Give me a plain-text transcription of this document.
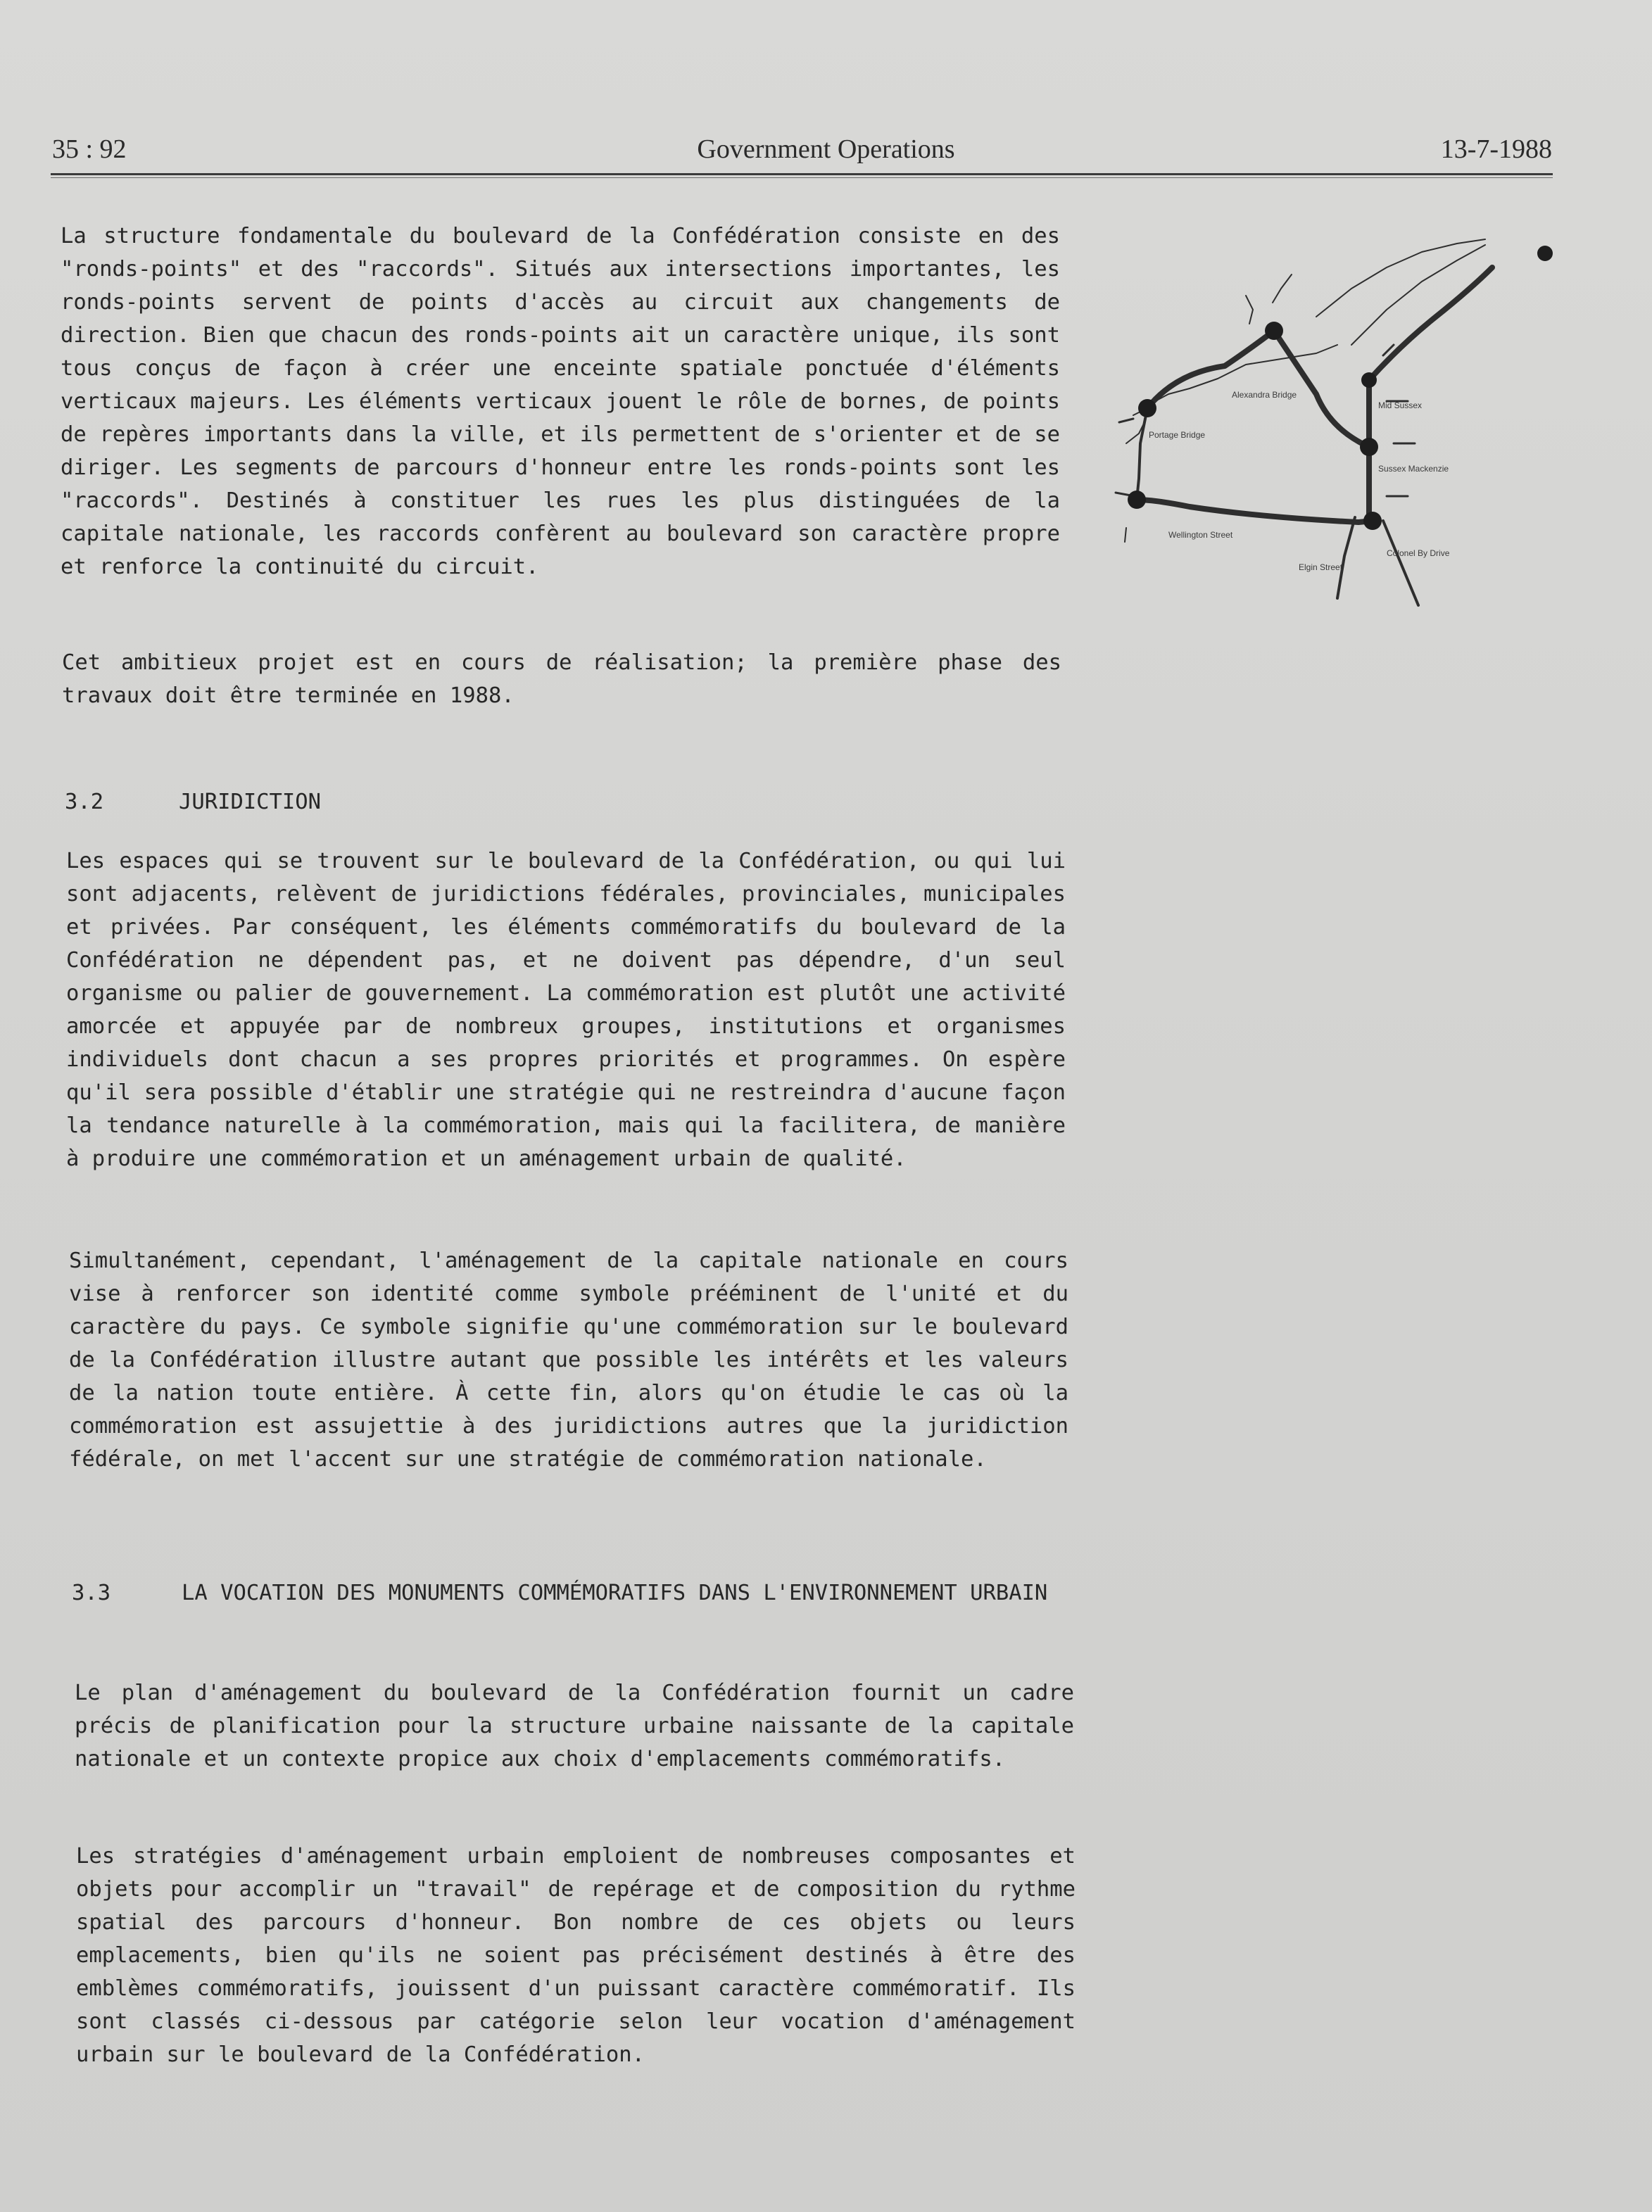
35 : 92	Government Operations	13-7-1988

La structure fondamentale du boulevard de la Confédération consiste en des "ronds-points" et des "raccords". Situés aux intersections importantes, les ronds-points servent de points d'accès au circuit aux changements de direction. Bien que chacun des ronds-points ait un caractère unique, ils sont tous conçus de façon à créer une enceinte spatiale ponctuée d'éléments verticaux majeurs. Les éléments verticaux jouent le rôle de bornes, de points de repères importants dans la ville, et ils permettent de s'orienter et de se diriger. Les segments de parcours d'honneur entre les ronds-points sont les "raccords". Destinés à constituer les rues les plus distinguées de la capitale nationale, les raccords confèrent au boulevard son caractère propre et renforce la continuité du circuit.

Cet ambitieux projet est en cours de réalisation; la première phase des travaux doit être terminée en 1988.

3.2	JURIDICTION

Les espaces qui se trouvent sur le boulevard de la Confédération, ou qui lui sont adjacents, relèvent de juridictions fédérales, provinciales, municipales et privées. Par conséquent, les éléments commémoratifs du boulevard de la Confédération ne dépendent pas, et ne doivent pas dépendre, d'un seul organisme ou palier de gouvernement. La commémoration est plutôt une activité amorcée et appuyée par de nombreux groupes, institutions et organismes individuels dont chacun a ses propres priorités et programmes. On espère qu'il sera possible d'établir une stratégie qui ne restreindra d'aucune façon la tendance naturelle à la commémoration, mais qui la facilitera, de manière à produire une commémoration et un aménagement urbain de qualité.

Simultanément, cependant, l'aménagement de la capitale nationale en cours vise à renforcer son identité comme symbole prééminent de l'unité et du caractère du pays. Ce symbole signifie qu'une commémoration sur le boulevard de la Confédération illustre autant que possible les intérêts et les valeurs de la nation toute entière. À cette fin, alors qu'on étudie le cas où la commémoration est assujettie à des juridictions autres que la juridiction fédérale, on met l'accent sur une stratégie de commémoration nationale.

3.3	LA VOCATION DES MONUMENTS COMMÉMORATIFS DANS L'ENVIRONNEMENT URBAIN

Le plan d'aménagement du boulevard de la Confédération fournit un cadre précis de planification pour la structure urbaine naissante de la capitale nationale et un contexte propice aux choix d'emplacements commémoratifs.

Les stratégies d'aménagement urbain emploient de nombreuses composantes et objets pour accomplir un "travail" de repérage et de composition du rythme spatial des parcours d'honneur. Bon nombre de ces objets ou leurs emplacements, bien qu'ils ne soient pas précisément destinés à être des emblèmes commémoratifs, jouissent d'un puissant caractère commémoratif. Ils sont classés ci-dessous par catégorie selon leur vocation d'aménagement urbain sur le boulevard de la Confédération.

Alexandra Bridge
Portage Bridge
Mid Sussex
Sussex Mackenzie
Wellington Street
Elgin Street
Colonel By Drive
